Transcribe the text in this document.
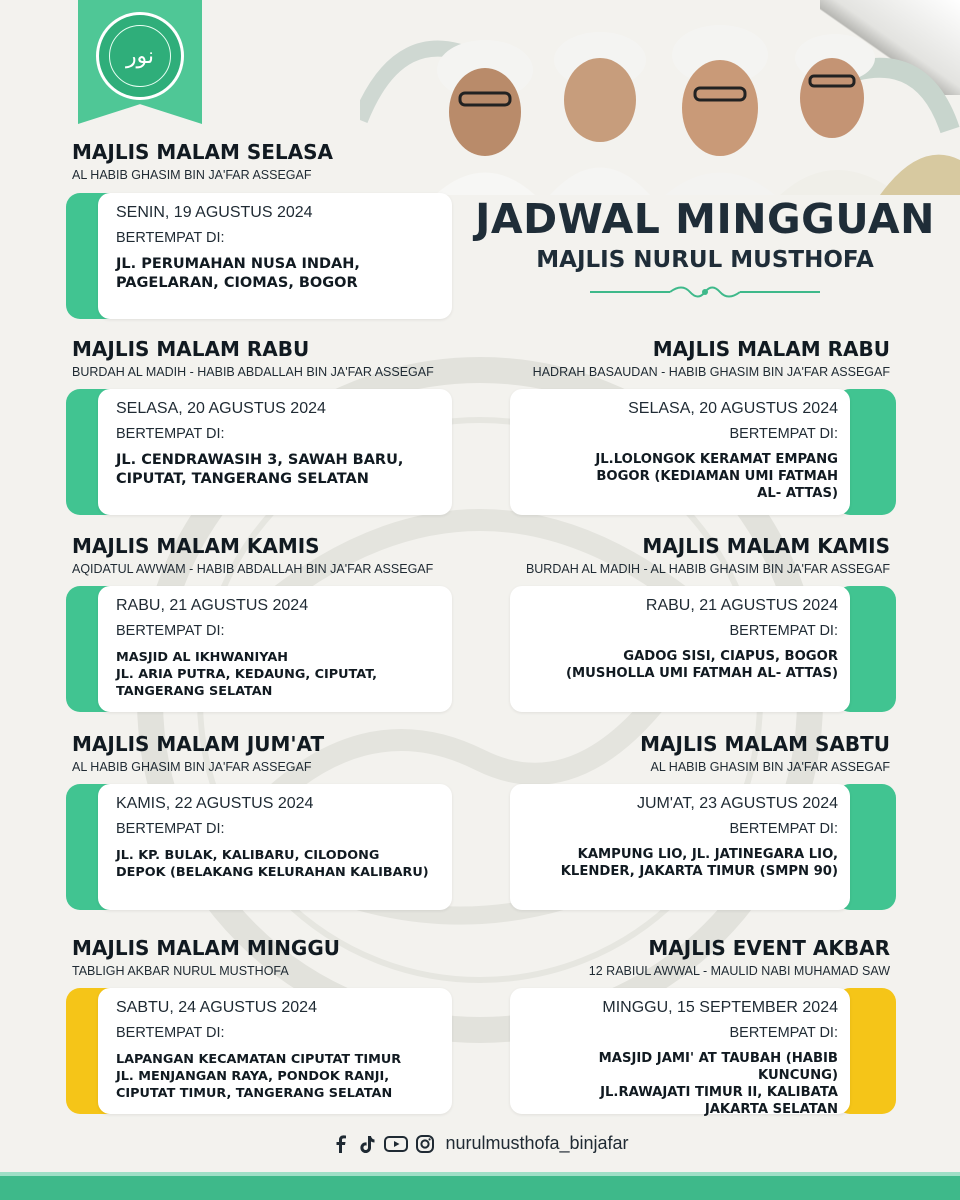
نور
JADWAL MINGGUAN
MAJLIS NURUL MUSTHOFA
MAJLIS MALAM SELASA
AL HABIB GHASIM BIN JA'FAR ASSEGAF
SENIN, 19 AGUSTUS 2024
BERTEMPAT DI:
JL. PERUMAHAN NUSA INDAH,
PAGELARAN, CIOMAS, BOGOR
MAJLIS MALAM RABU
BURDAH AL MADIH - HABIB ABDALLAH BIN JA'FAR ASSEGAF
SELASA, 20 AGUSTUS 2024
BERTEMPAT DI:
JL. CENDRAWASIH 3, SAWAH BARU,
CIPUTAT, TANGERANG SELATAN
MAJLIS MALAM RABU
HADRAH BASAUDAN - HABIB GHASIM BIN JA'FAR ASSEGAF
SELASA, 20 AGUSTUS 2024
BERTEMPAT DI:
JL.LOLONGOK KERAMAT EMPANG
BOGOR (KEDIAMAN UMI FATMAH
AL- ATTAS)
MAJLIS MALAM KAMIS
AQIDATUL AWWAM - HABIB ABDALLAH BIN JA'FAR ASSEGAF
RABU, 21 AGUSTUS 2024
BERTEMPAT DI:
MASJID AL IKHWANIYAH
JL. ARIA PUTRA, KEDAUNG, CIPUTAT,
TANGERANG SELATAN
MAJLIS MALAM KAMIS
BURDAH AL MADIH - AL HABIB GHASIM BIN JA'FAR ASSEGAF
RABU, 21 AGUSTUS 2024
BERTEMPAT DI:
GADOG SISI, CIAPUS, BOGOR
(MUSHOLLA UMI FATMAH AL- ATTAS)
MAJLIS MALAM JUM'AT
AL HABIB GHASIM BIN JA'FAR ASSEGAF
KAMIS, 22 AGUSTUS 2024
BERTEMPAT DI:
JL. KP. BULAK, KALIBARU, CILODONG
DEPOK (BELAKANG KELURAHAN KALIBARU)
MAJLIS MALAM SABTU
AL HABIB GHASIM BIN JA'FAR ASSEGAF
JUM'AT, 23 AGUSTUS 2024
BERTEMPAT DI:
KAMPUNG LIO, JL. JATINEGARA LIO,
KLENDER, JAKARTA TIMUR (SMPN 90)
MAJLIS MALAM MINGGU
TABLIGH AKBAR NURUL MUSTHOFA
SABTU, 24 AGUSTUS 2024
BERTEMPAT DI:
LAPANGAN KECAMATAN CIPUTAT TIMUR
JL. MENJANGAN RAYA, PONDOK RANJI,
CIPUTAT TIMUR, TANGERANG SELATAN
MAJLIS EVENT AKBAR
12 RABIUL AWWAL - MAULID NABI MUHAMAD SAW
MINGGU, 15 SEPTEMBER 2024
BERTEMPAT DI:
MASJID JAMI' AT TAUBAH (HABIB KUNCUNG)
JL.RAWAJATI TIMUR II, KALIBATA
JAKARTA SELATAN
nurulmusthofa_binjafar
